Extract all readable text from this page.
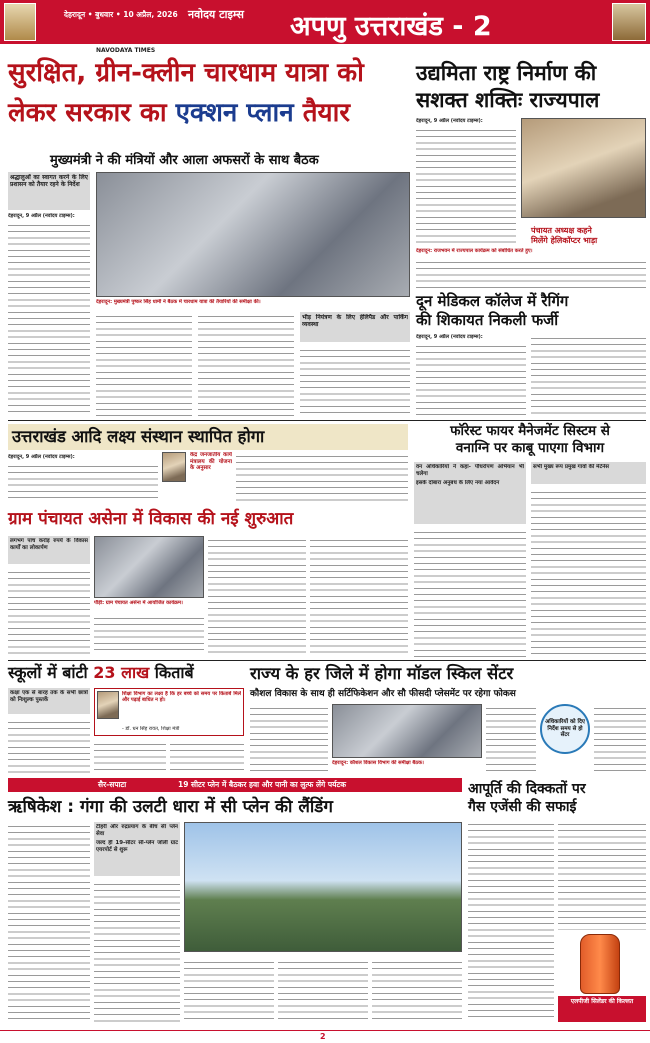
देहरादून • बुधवार • 10 अप्रैल, 2026 नवोदय टाइम्स अपणु उत्तराखंड - 2
NAVODAYA TIMES
सुरक्षित, ग्रीन-क्लीन चारधाम यात्रा को
लेकर सरकार का एक्शन प्लान तैयार
मुख्यमंत्री ने की मंत्रियों और आला अफसरों के साथ बैठक
श्रद्धालुओं का स्वागत करने के लिए प्रशासन को तैयार रहने के निर्देश
देहरादून, 9 अप्रैल (नवोदय टाइम्स):
देहरादून: मुख्यमंत्री पुष्कर सिंह धामी ने बैठक में चारधाम यात्रा की तैयारियों की समीक्षा की।
भीड़ नियंत्रण के लिए हेलिपैड और पार्किंग व्यवस्था
उद्यमिता राष्ट्र निर्माण की
सशक्त शक्तिः राज्यपाल
देहरादून, 9 अप्रैल (नवोदय टाइम्स):
देहरादून: राजभवन में राज्यपाल कार्यक्रम को संबोधित करते हुए।
दून मेडिकल कॉलेज में रैगिंग
की शिकायत निकली फर्जी
देहरादून, 9 अप्रैल (नवोदय टाइम्स):
पंचायत अध्यक्ष कहने
मिलेंगे हेलिकॉप्टर भाड़ा
उत्तराखंड आदि लक्ष्य संस्थान स्थापित होगा
देहरादून, 9 अप्रैल (नवोदय टाइम्स):	केंद्र जनजातीय कार्य मंत्रालय की योजना के अनुसार
फॉरेस्ट फायर मैनेजमेंट सिस्टम से
वनाग्नि पर काबू पाएगा विभाग
वन अधिकारियों ने कहा- पौधरोपण अभियान भी चलेगा
इसके दोबारा अनुबंध के लिए नया आवेदन
सभी मुख्य रूप प्रमुख गांवों की मेंटेनेंस
ग्राम पंचायत असेना में विकास की नई शुरुआत
लगभग पांच करोड़ रुपये के विकास कार्यों का लोकार्पण
पौड़ी: ग्राम पंचायत असेना में आयोजित कार्यक्रम।
स्कूलों में बांटी 23 लाख किताबें
कक्षा एक से बारह तक के सभी छात्रों को निःशुल्क पुस्तकें
शिक्षा विभाग का लक्ष्य है कि हर बच्चे को समय पर किताबें मिलें और पढ़ाई बाधित न हो।
- डॉ. धन सिंह रावत, शिक्षा मंत्री
राज्य के हर जिले में होगा मॉडल स्किल सेंटर
कौशल विकास के साथ ही सर्टिफिकेशन और सौ फीसदी प्लेसमेंट पर रहेगा फोकस
देहरादून: कौशल विकास विभाग की समीक्षा बैठक।
अधिकारियों को दिए निर्देश समय से हो सेंटर
सैर-सपाटा	19 सीटर प्लेन में बैठकर हवा और पानी का लुत्फ लेंगे पर्यटक
ऋषिकेश : गंगा की उलटी धारा में सी प्लेन की लैंडिंग
टीहरी और रुद्रप्रयाग के बीच सी प्लेन सेवा
जल्द ही 19-सीटर सी-प्लेन जॉली ग्रांट एयरपोर्ट से शुरू
आपूर्ति की दिक्कतों पर
गैस एजेंसी की सफाई
एलपीजी सिलेंडर की किल्लत
2
